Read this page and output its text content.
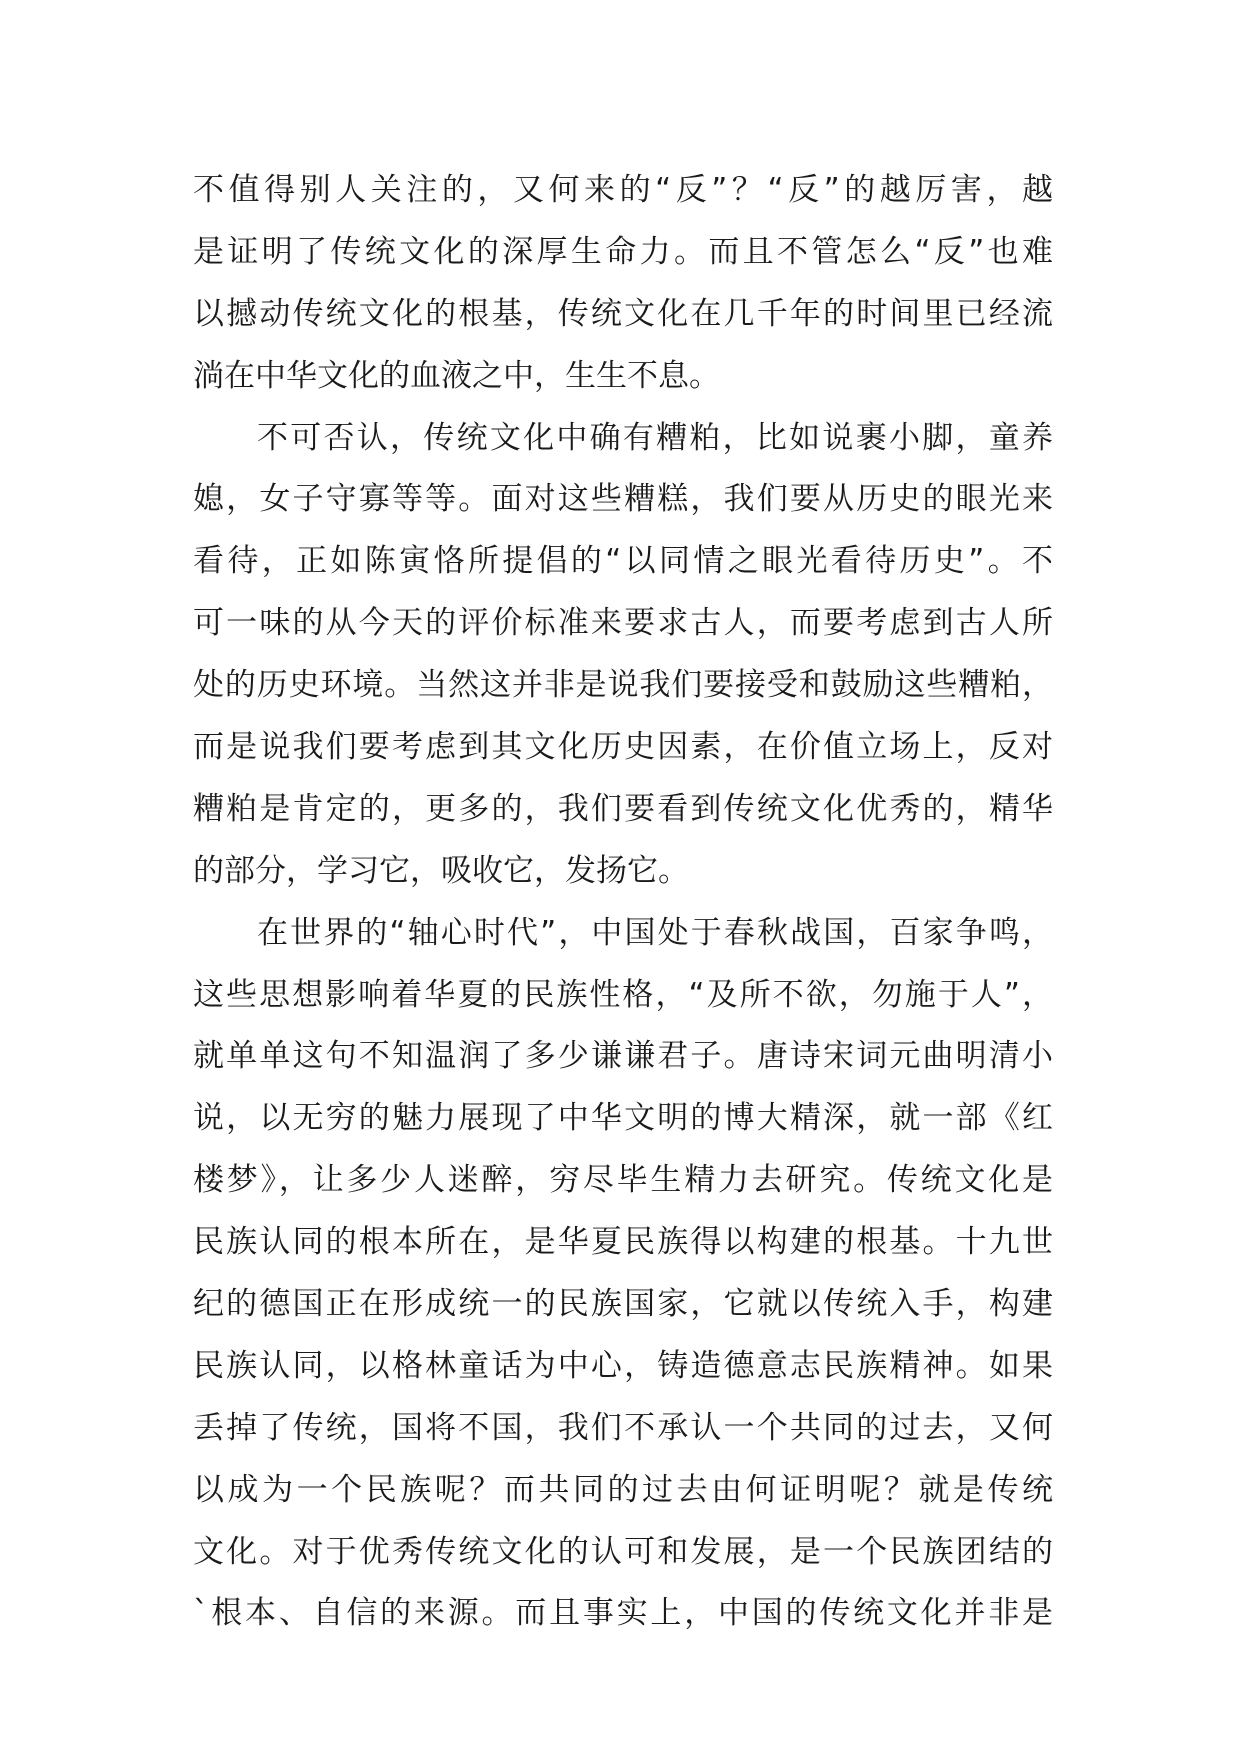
不值得别人关注的，又何来的“反”？“反”的越厉害，越
是证明了传统文化的深厚生命力。而且不管怎么“反”也难
以撼动传统文化的根基，传统文化在几千年的时间里已经流
淌在中华文化的血液之中，生生不息。
不可否认，传统文化中确有糟粕，比如说裹小脚，童养
媳，女子守寡等等。面对这些糟糕，我们要从历史的眼光来
看待，正如陈寅恪所提倡的“以同情之眼光看待历史”。不
可一味的从今天的评价标准来要求古人，而要考虑到古人所
处的历史环境。当然这并非是说我们要接受和鼓励这些糟粕，
而是说我们要考虑到其文化历史因素，在价值立场上，反对
糟粕是肯定的，更多的，我们要看到传统文化优秀的，精华
的部分，学习它，吸收它，发扬它。
在世界的“轴心时代”，中国处于春秋战国，百家争鸣，
这些思想影响着华夏的民族性格，“及所不欲，勿施于人”，
就单单这句不知温润了多少谦谦君子。唐诗宋词元曲明清小
说，以无穷的魅力展现了中华文明的博大精深，就一部《红
楼梦》，让多少人迷醉，穷尽毕生精力去研究。传统文化是
民族认同的根本所在，是华夏民族得以构建的根基。十九世
纪的德国正在形成统一的民族国家，它就以传统入手，构建
民族认同，以格林童话为中心，铸造德意志民族精神。如果
丢掉了传统，国将不国，我们不承认一个共同的过去，又何
以成为一个民族呢？而共同的过去由何证明呢？就是传统
文化。对于优秀传统文化的认可和发展，是一个民族团结的
`根本、自信的来源。而且事实上，中国的传统文化并非是
